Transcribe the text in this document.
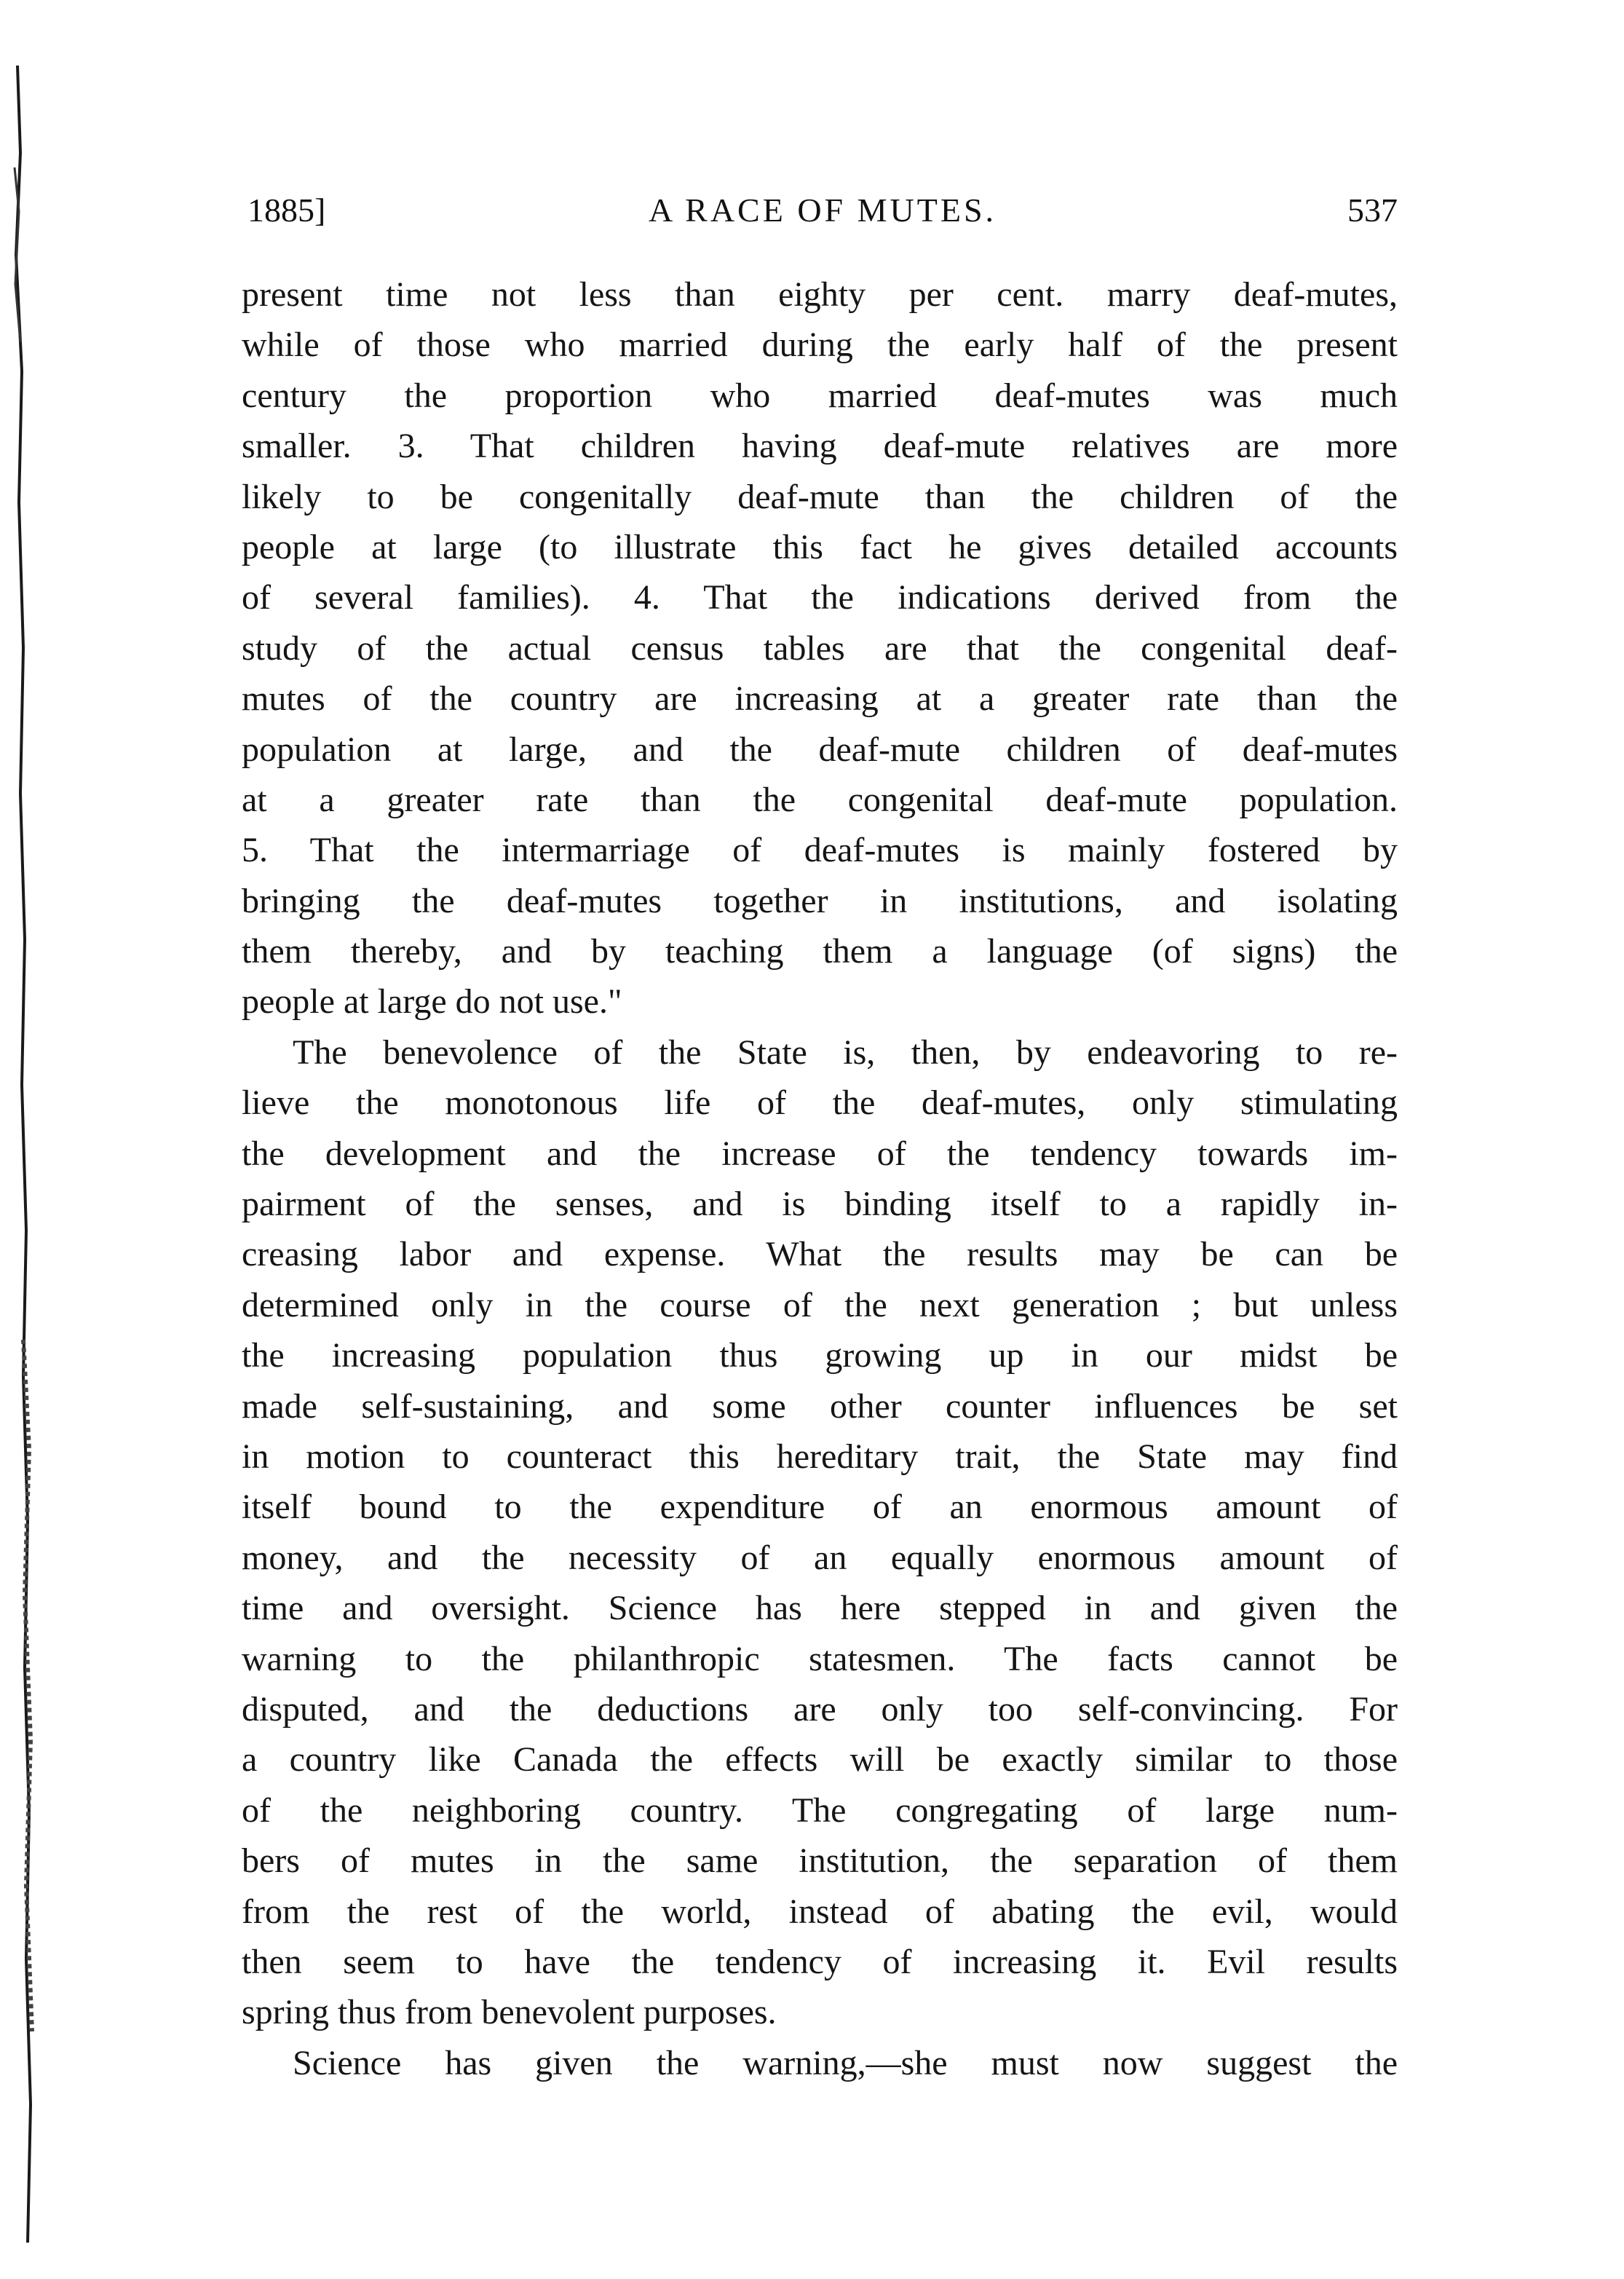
1885]	A RACE OF MUTES.	537
present time not less than eighty per cent. marry deaf-mutes,
while of those who married during the early half of the present
century the proportion who married deaf-mutes was much
smaller. 3. That children having deaf-mute relatives are more
likely to be congenitally deaf-mute than the children of the
people at large (to illustrate this fact he gives detailed accounts
of several families). 4. That the indications derived from the
study of the actual census tables are that the congenital deaf-
mutes of the country are increasing at a greater rate than the
population at large, and the deaf-mute children of deaf-mutes
at a greater rate than the congenital deaf-mute population.
5. That the intermarriage of deaf-mutes is mainly fostered by
bringing the deaf-mutes together in institutions, and isolating
them thereby, and by teaching them a language (of signs) the
people at large do not use."
The benevolence of the State is, then, by endeavoring to re-
lieve the monotonous life of the deaf-mutes, only stimulating
the development and the increase of the tendency towards im-
pairment of the senses, and is binding itself to a rapidly in-
creasing labor and expense. What the results may be can be
determined only in the course of the next generation ; but unless
the increasing population thus growing up in our midst be
made self-sustaining, and some other counter influences be set
in motion to counteract this hereditary trait, the State may find
itself bound to the expenditure of an enormous amount of
money, and the necessity of an equally enormous amount of
time and oversight. Science has here stepped in and given the
warning to the philanthropic statesmen. The facts cannot be
disputed, and the deductions are only too self-convincing. For
a country like Canada the effects will be exactly similar to those
of the neighboring country. The congregating of large num-
bers of mutes in the same institution, the separation of them
from the rest of the world, instead of abating the evil, would
then seem to have the tendency of increasing it. Evil results
spring thus from benevolent purposes.
Science has given the warning,—she must now suggest the
